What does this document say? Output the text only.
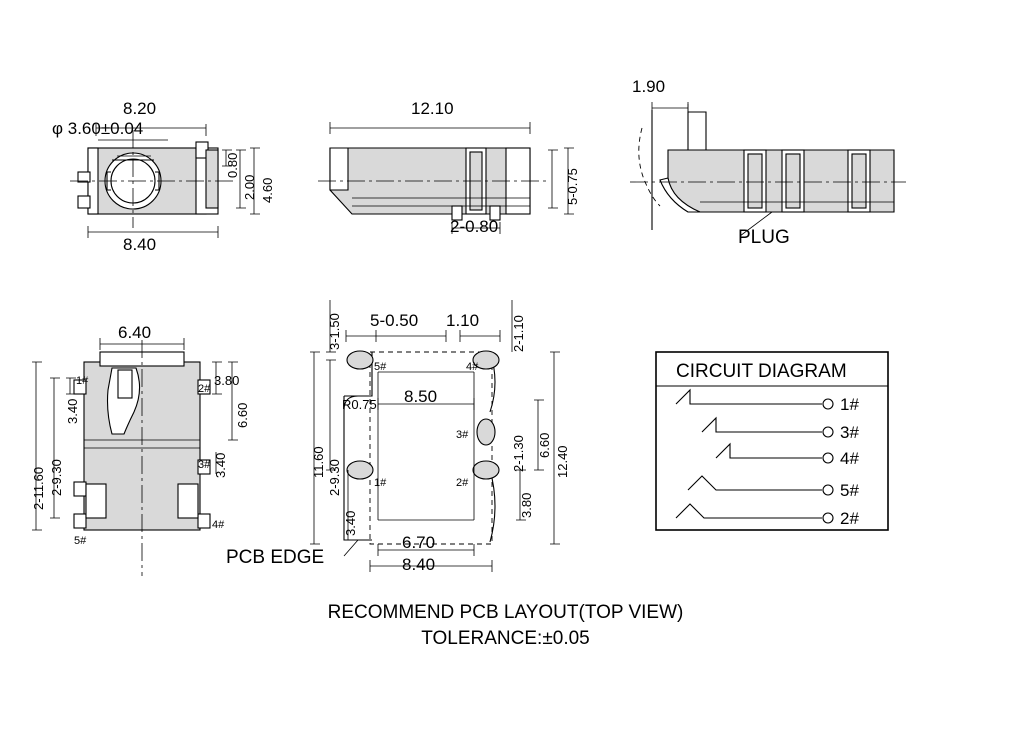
8.20
φ 3.60±0.04
8.40
0.80
2.00 4.60
12.10
2-0.80
5-0.75
1.90
PLUG
6.40
2-11.60 2-9.30
3.40
3.80
3.40
6.60
1#
2#
3#
4#
5#
3-1.50 5-0.50 1.10 2-1.10
R0.75 8.50
11.60 2-9.30
3.40
2-1.30
6.70
8.40
12.40
6.60
3.80
5#	4#
3#
1#	2#
PCB EDGE
CIRCUIT DIAGRAM
1#
3#
4#
5#
2#
RECOMMEND PCB LAYOUT(TOP VIEW)
TOLERANCE:±0.05
